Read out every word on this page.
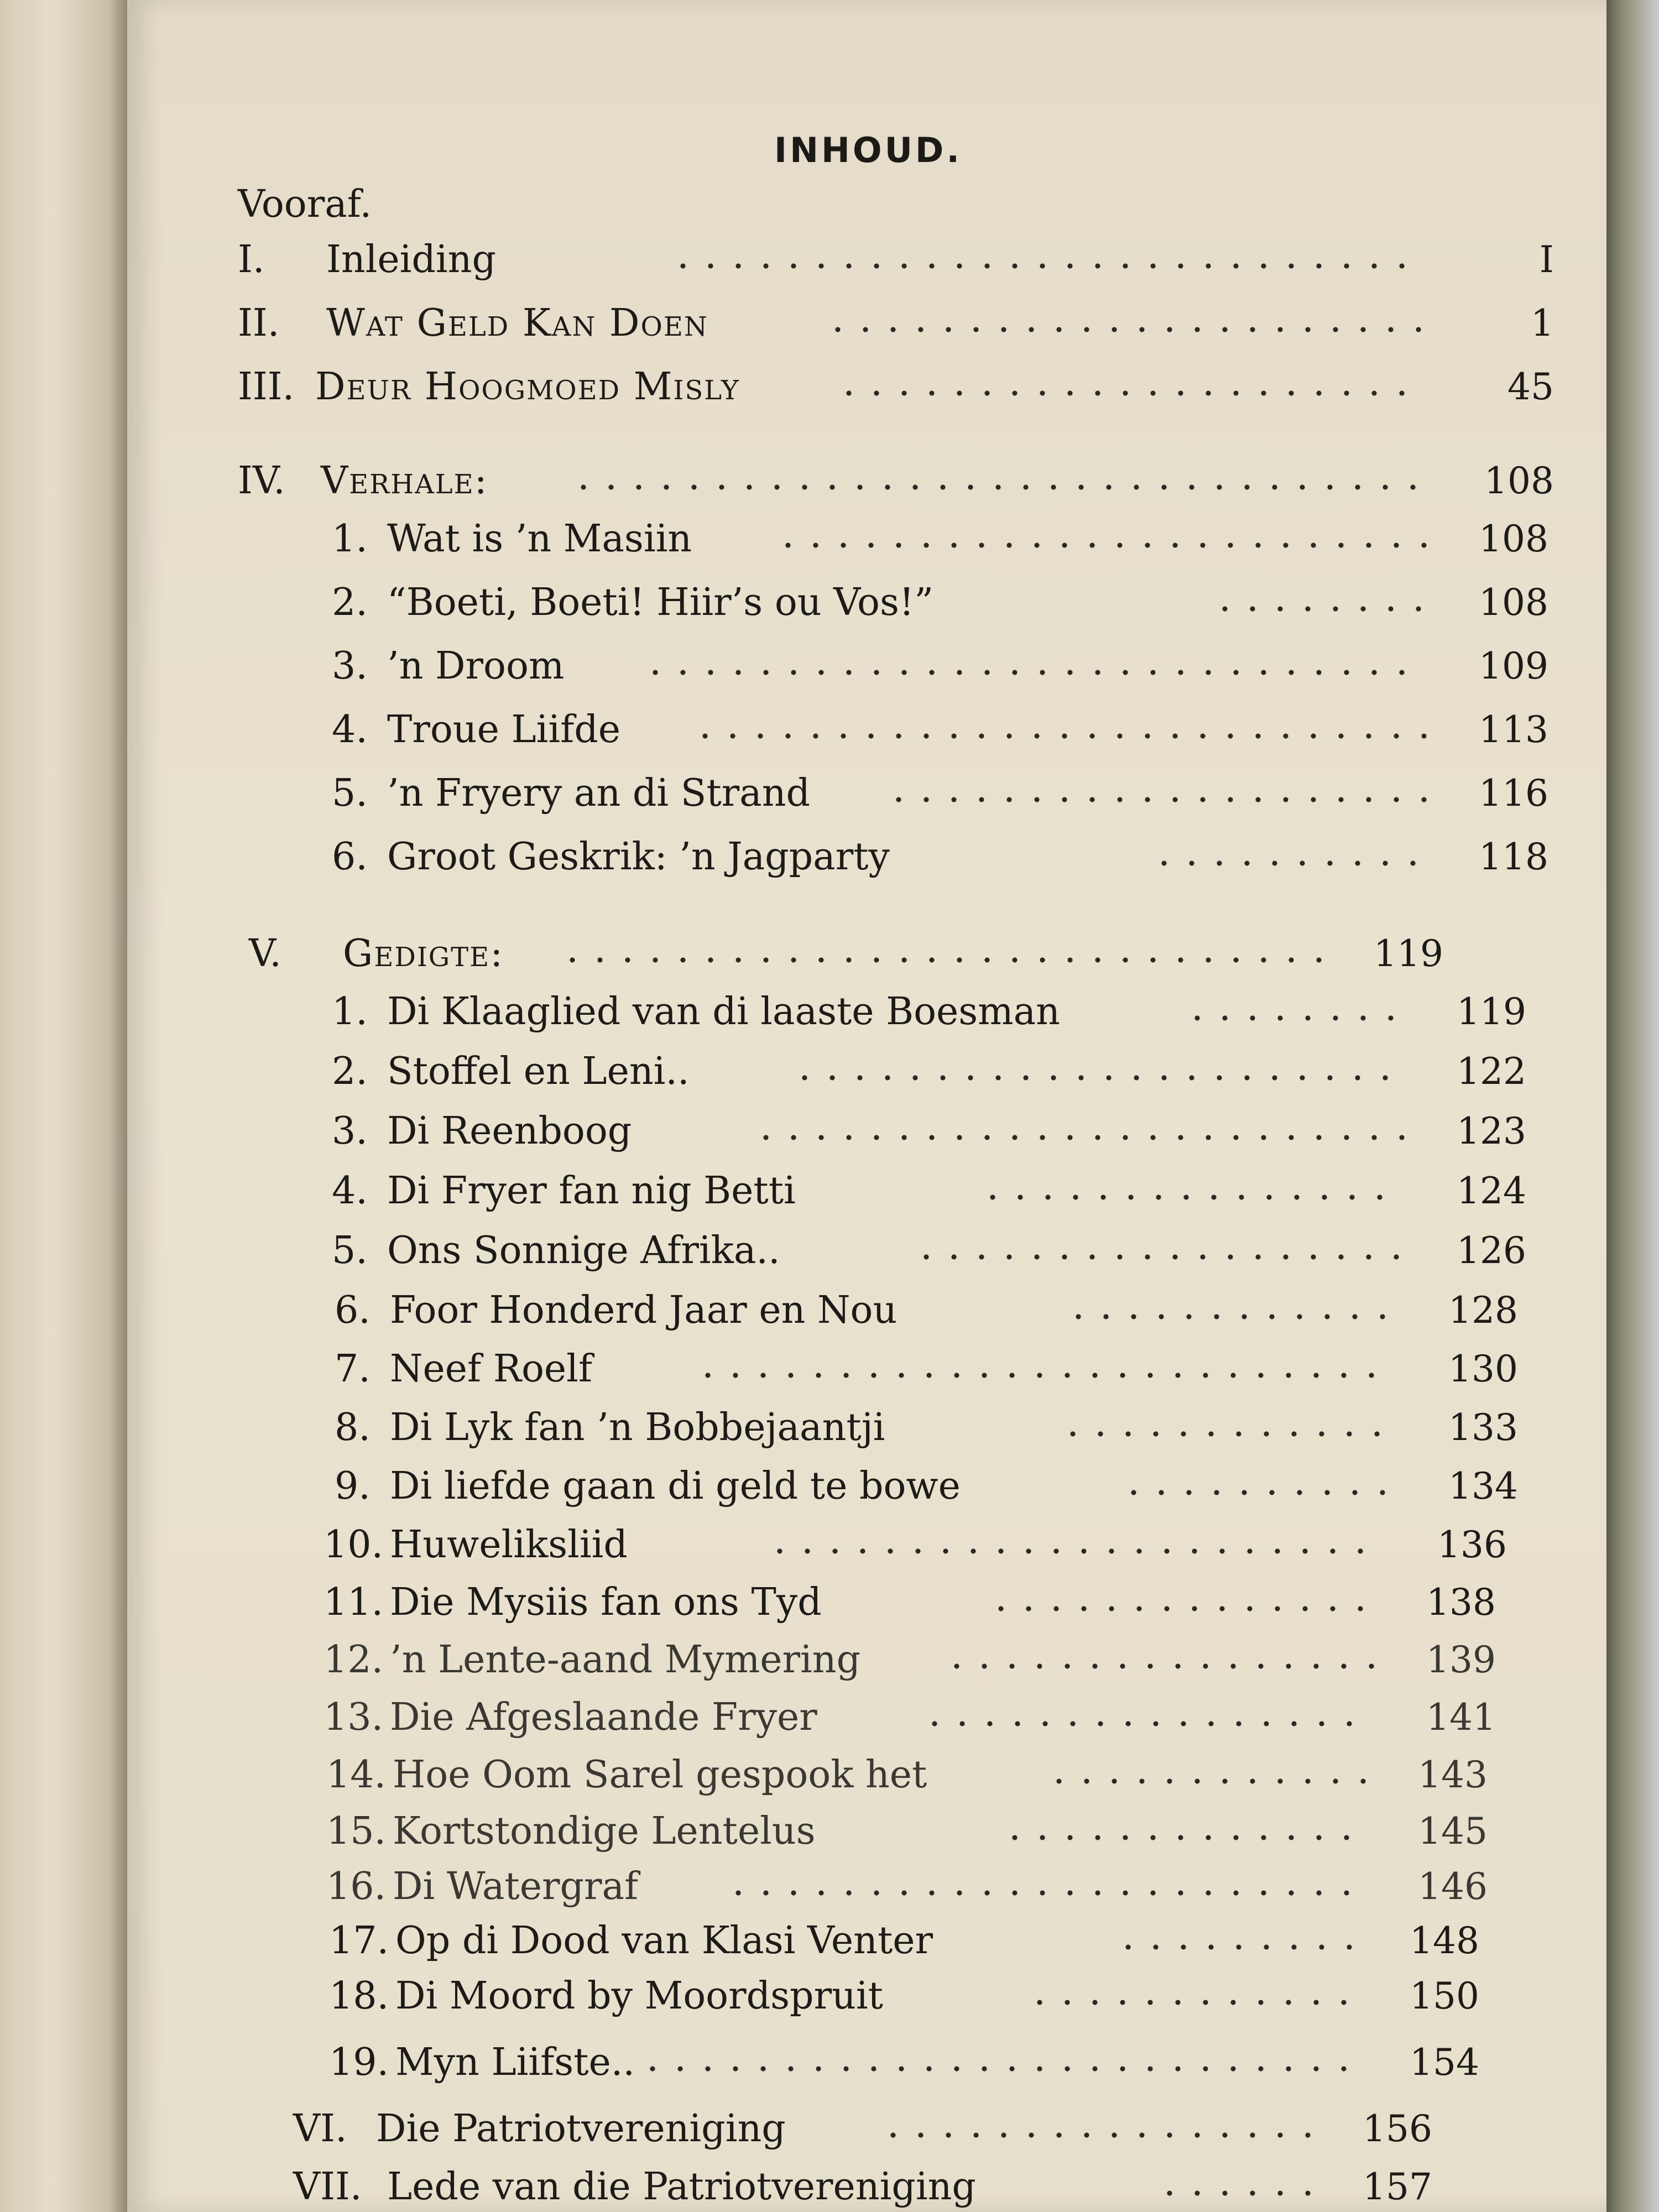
INHOUD.
Vooraf.
I. Inleiding	I
II. Wat Geld Kan Doen	1
III. Deur Hoogmoed Misly	45
IV. Verhale:	108
1. Wat is ’n Masiin	108
2. “Boeti, Boeti! Hiir’s ou Vos!”	108
3. ’n Droom	109
4. Troue Liifde	113
5. ’n Fryery an di Strand	116
6. Groot Geskrik: ’n Jagparty	118
V. Gedigte:	119
1. Di Klaaglied van di laaste Boesman	119
2. Stoffel en Leni..	122
3. Di Reenboog	123
4. Di Fryer fan nig Betti	124
5. Ons Sonnige Afrika..	126
6. Foor Honderd Jaar en Nou	128
7. Neef Roelf	130
8. Di Lyk fan ’n Bobbejaantji	133
9. Di liefde gaan di geld te bowe	134
10. Huweliksliid	136
11. Die Mysiis fan ons Tyd	138
12. ’n Lente-aand Mymering	139
13. Die Afgeslaande Fryer	141
14. Hoe Oom Sarel gespook het	143
15. Kortstondige Lentelus	145
16. Di Watergraf	146
17. Op di Dood van Klasi Venter	148
18. Di Moord by Moordspruit	150
19. Myn Liifste..	154
VI. Die Patriotvereniging	156
VII. Lede van die Patriotvereniging	157
